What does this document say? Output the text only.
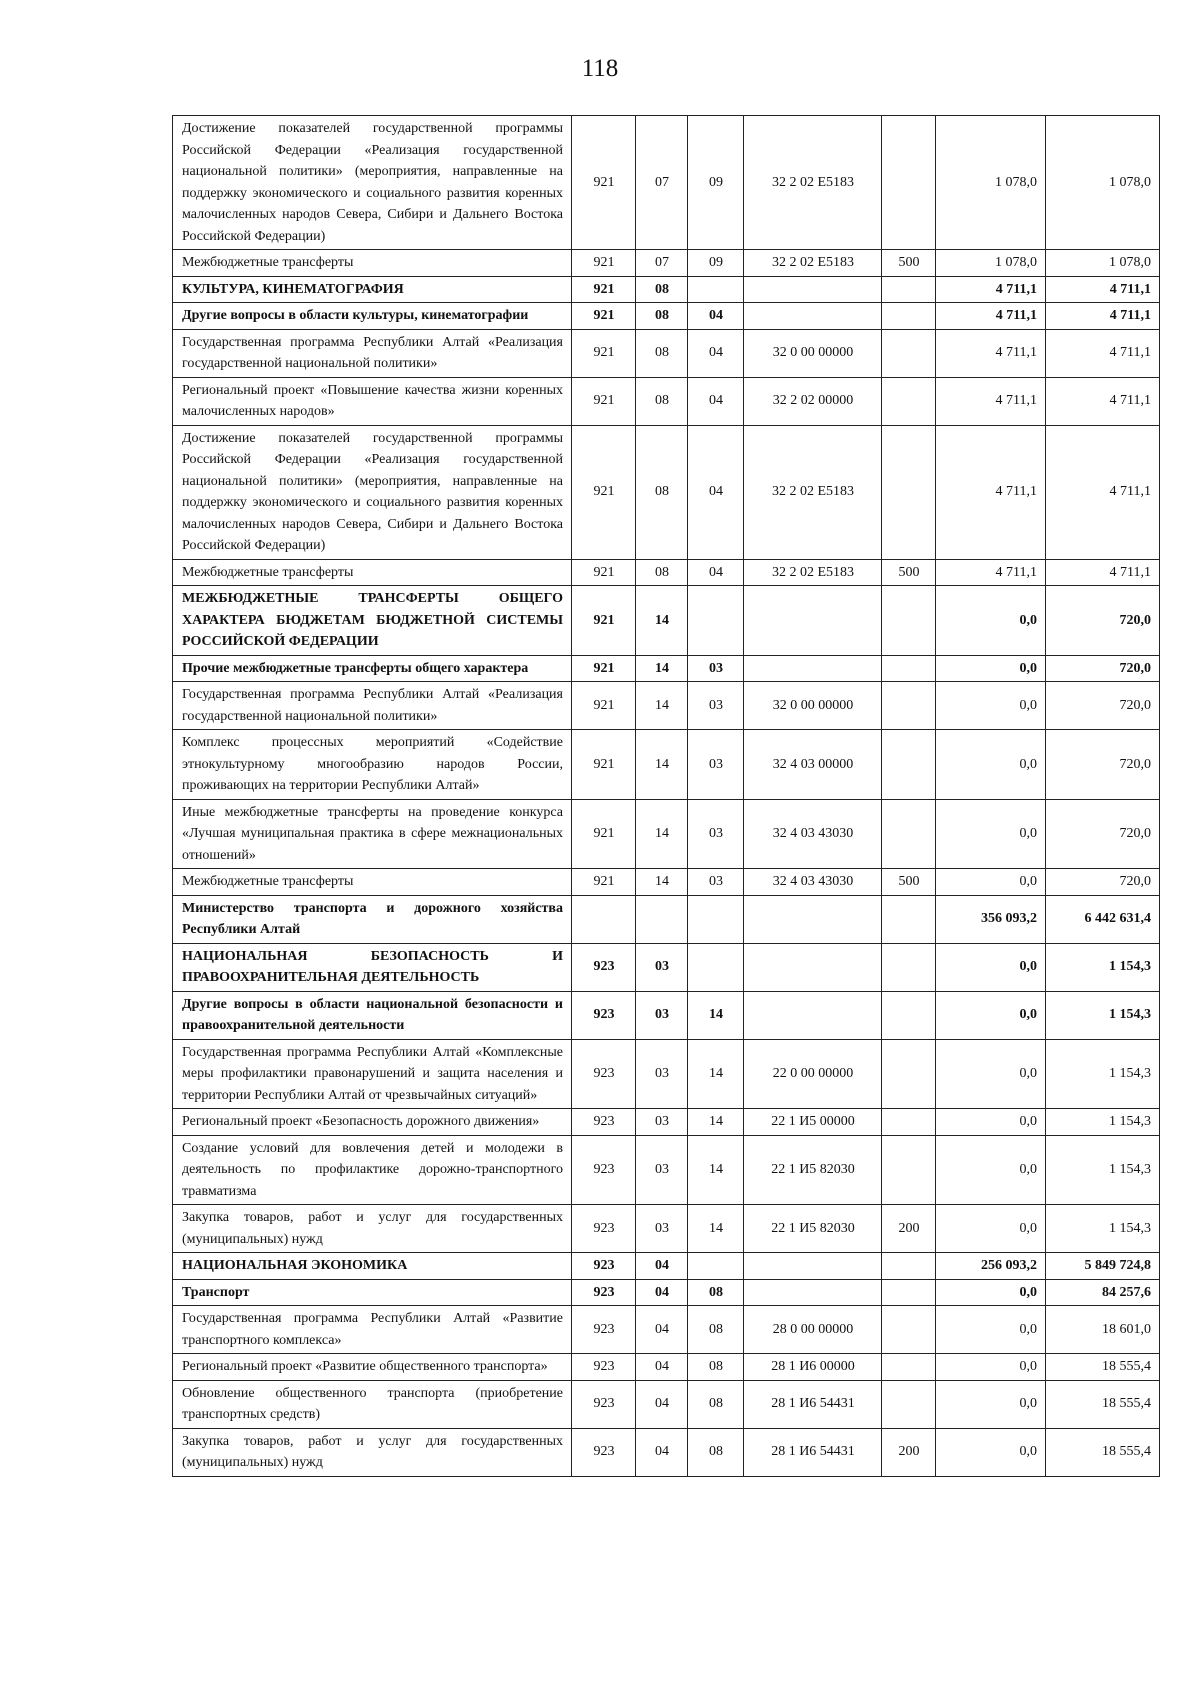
118
Достижение показателей государственной программы Российской Федерации «Реализация государственной национальной политики» (мероприятия, направленные на поддержку экономического и социального развития коренных малочисленных народов Севера, Сибири и Дальнего Востока Российской Федерации)	921	07	09	32 2 02 Е5183		1 078,0	1 078,0
Межбюджетные трансферты	921	07	09	32 2 02 Е5183	500	1 078,0	1 078,0
КУЛЬТУРА, КИНЕМАТОГРАФИЯ	921	08				4 711,1	4 711,1
Другие вопросы в области культуры, кинематографии	921	08	04			4 711,1	4 711,1
Государственная программа Республики Алтай «Реализация государственной национальной политики»	921	08	04	32 0 00 00000		4 711,1	4 711,1
Региональный проект «Повышение качества жизни коренных малочисленных народов»	921	08	04	32 2 02 00000		4 711,1	4 711,1
Достижение показателей государственной программы Российской Федерации «Реализация государственной национальной политики» (мероприятия, направленные на поддержку экономического и социального развития коренных малочисленных народов Севера, Сибири и Дальнего Востока Российской Федерации)	921	08	04	32 2 02 Е5183		4 711,1	4 711,1
Межбюджетные трансферты	921	08	04	32 2 02 Е5183	500	4 711,1	4 711,1
МЕЖБЮДЖЕТНЫЕ ТРАНСФЕРТЫ ОБЩЕГО ХАРАКТЕРА БЮДЖЕТАМ БЮДЖЕТНОЙ СИСТЕМЫ РОССИЙСКОЙ ФЕДЕРАЦИИ	921	14				0,0	720,0
Прочие межбюджетные трансферты общего характера	921	14	03			0,0	720,0
Государственная программа Республики Алтай «Реализация государственной национальной политики»	921	14	03	32 0 00 00000		0,0	720,0
Комплекс процессных мероприятий «Содействие этнокультурному многообразию народов России, проживающих на территории Республики Алтай»	921	14	03	32 4 03 00000		0,0	720,0
Иные межбюджетные трансферты на проведение конкурса «Лучшая муниципальная практика в сфере межнациональных отношений»	921	14	03	32 4 03 43030		0,0	720,0
Межбюджетные трансферты	921	14	03	32 4 03 43030	500	0,0	720,0
Министерство транспорта и дорожного хозяйства Республики Алтай						356 093,2	6 442 631,4
НАЦИОНАЛЬНАЯ БЕЗОПАСНОСТЬ И ПРАВООХРАНИТЕЛЬНАЯ ДЕЯТЕЛЬНОСТЬ	923	03				0,0	1 154,3
Другие вопросы в области национальной безопасности и правоохранительной деятельности	923	03	14			0,0	1 154,3
Государственная программа Республики Алтай «Комплексные меры профилактики правонарушений и защита населения и территории Республики Алтай от чрезвычайных ситуаций»	923	03	14	22 0 00 00000		0,0	1 154,3
Региональный проект «Безопасность дорожного движения»	923	03	14	22 1 И5 00000		0,0	1 154,3
Создание условий для вовлечения детей и молодежи в деятельность по профилактике дорожно-транспортного травматизма	923	03	14	22 1 И5 82030		0,0	1 154,3
Закупка товаров, работ и услуг для государственных (муниципальных) нужд	923	03	14	22 1 И5 82030	200	0,0	1 154,3
НАЦИОНАЛЬНАЯ ЭКОНОМИКА	923	04				256 093,2	5 849 724,8
Транспорт	923	04	08			0,0	84 257,6
Государственная программа Республики Алтай «Развитие транспортного комплекса»	923	04	08	28 0 00 00000		0,0	18 601,0
Региональный проект «Развитие общественного транспорта»	923	04	08	28 1 И6 00000		0,0	18 555,4
Обновление общественного транспорта (приобретение транспортных средств)	923	04	08	28 1 И6 54431		0,0	18 555,4
Закупка товаров, работ и услуг для государственных (муниципальных) нужд	923	04	08	28 1 И6 54431	200	0,0	18 555,4
